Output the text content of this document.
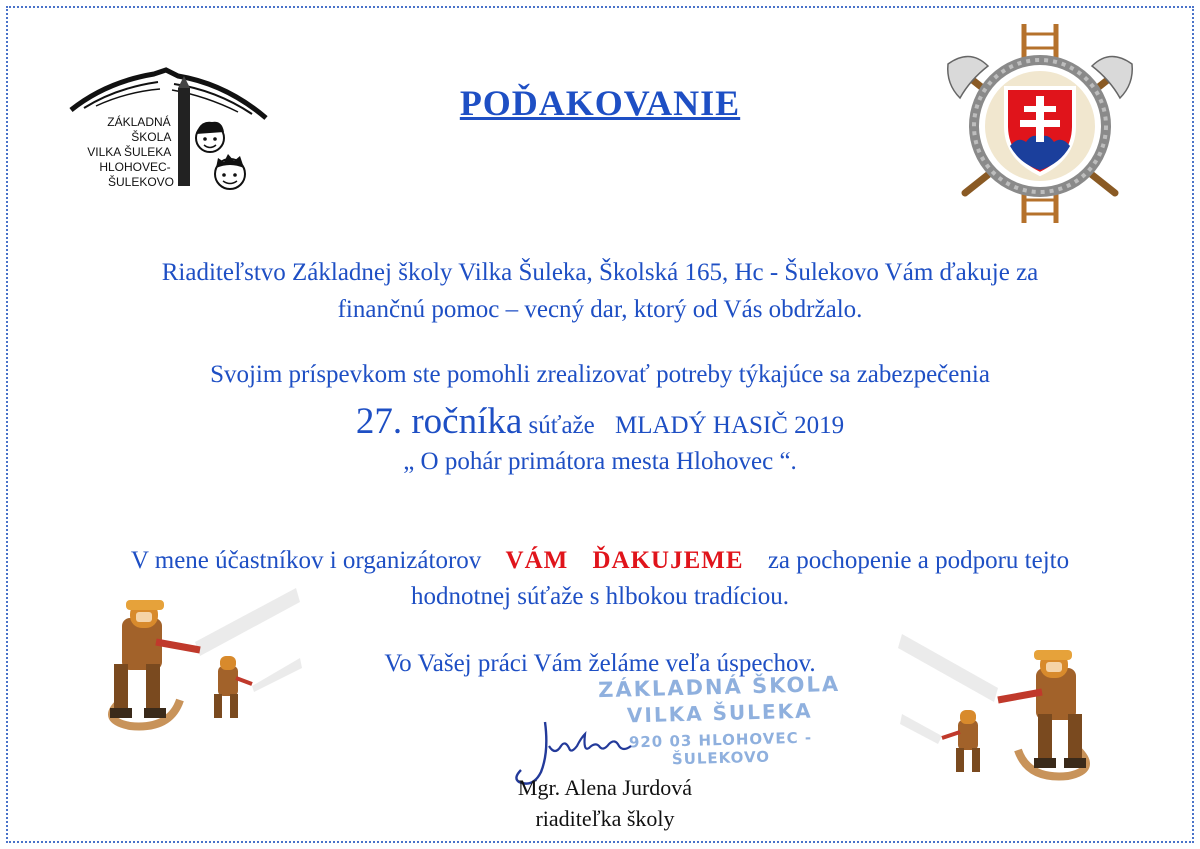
ZÁKLADNÁ ŠKOLA VILKA ŠULEKA HLOHOVEC- ŠULEKOVO
POĎAKOVANIE
Riaditeľstvo Základnej školy Vilka Šuleka, Školská 165, Hc - Šulekovo Vám ďakuje za
finančnú pomoc – vecný dar, ktorý od Vás obdržalo.
Svojim príspevkom ste pomohli zrealizovať potreby týkajúce sa zabezpečenia
27. ročníka súťaže MLADÝ HASIČ 2019
„ O pohár primátora mesta Hlohovec “.
V mene účastníkov i organizátorov VÁM ĎAKUJEME za pochopenie a podporu tejto
hodnotnej súťaže s hlbokou tradíciou.
Vo Vašej práci Vám želáme veľa úspechov.
ZÁKLADNÁ ŠKOLA
VILKA ŠULEKA
920 03 HLOHOVEC - ŠULEKOVO
Mgr. Alena Jurdová
riaditeľka školy
